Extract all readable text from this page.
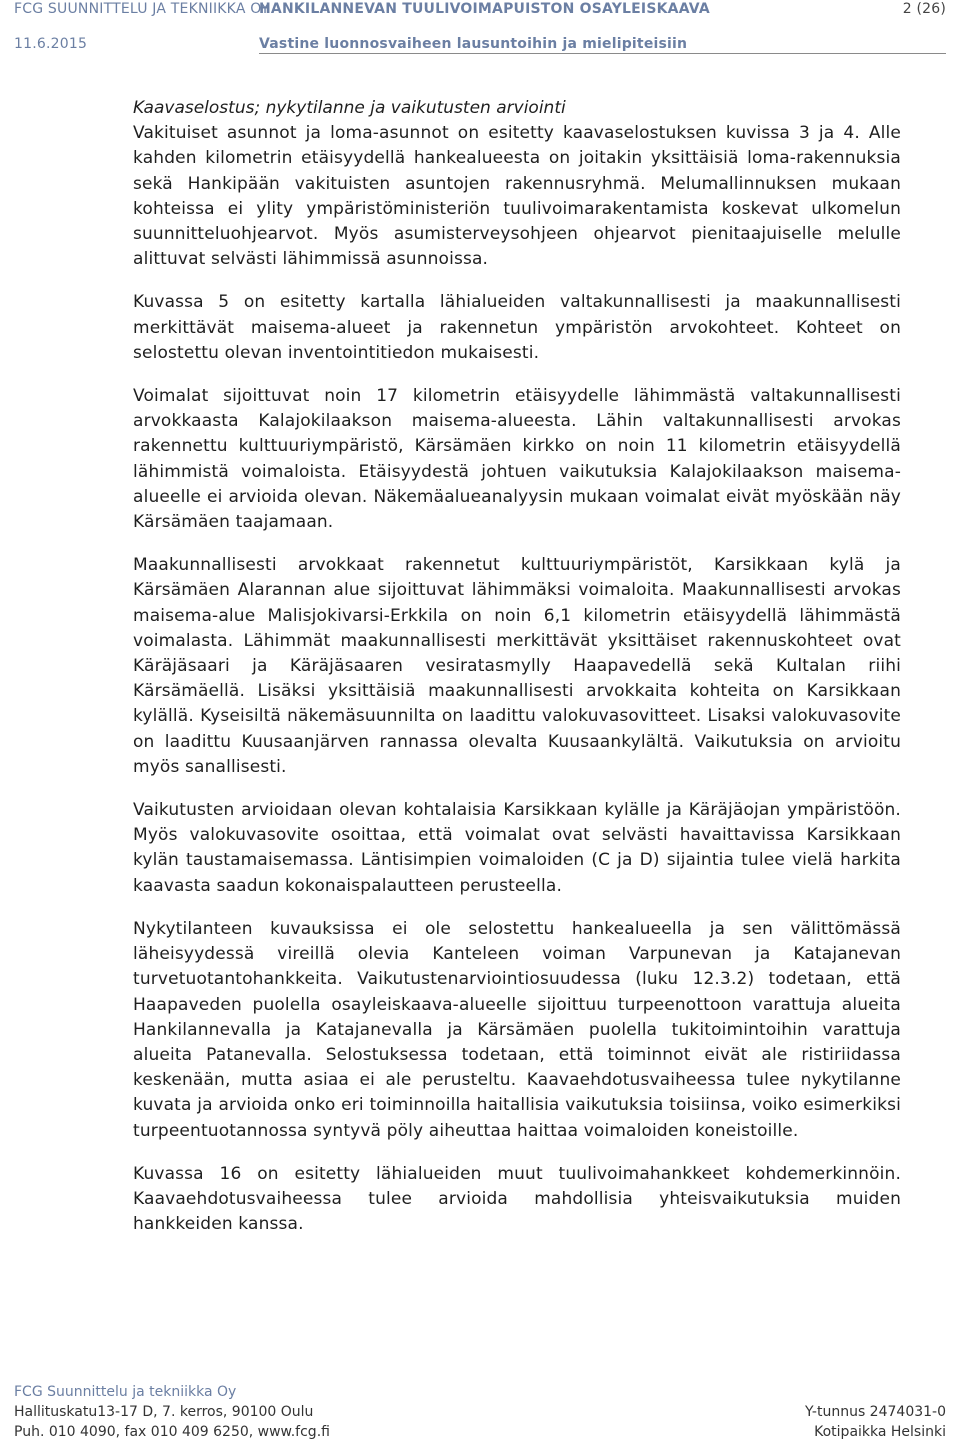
FCG SUUNNITTELU JA TEKNIIKKA OY
HANKILANNEVAN TUULIVOIMAPUISTON OSAYLEISKAAVA	2 (26)
11.6.2015	Vastine luonnosvaiheen lausuntoihin ja mielipiteisiin

Kaavaselostus; nykytilanne ja vaikutusten arviointi

Vakituiset asunnot ja loma-asunnot on esitetty kaavaselostuksen kuvissa 3 ja 4. Alle kahden kilometrin etäisyydellä hankealueesta on joitakin yksittäisiä loma-rakennuksia sekä Hankipään vakituisten asuntojen rakennusryhmä. Melumallinnuksen mukaan kohteissa ei ylity ympäristöministeriön tuulivoimarakentamista koskevat ulkomelun suunnitteluohjearvot. Myös asumisterveysohjeen ohjearvot pienitaajuiselle melulle alittuvat selvästi lähimmissä asunnoissa.

Kuvassa 5 on esitetty kartalla lähialueiden valtakunnallisesti ja maakunnallisesti merkittävät maisema-alueet ja rakennetun ympäristön arvokohteet. Kohteet on selostettu olevan inventointitiedon mukaisesti.

Voimalat sijoittuvat noin 17 kilometrin etäisyydelle lähimmästä valtakunnallisesti arvokkaasta Kalajokilaakson maisema-alueesta. Lähin valtakunnallisesti arvokas rakennettu kulttuuriympäristö, Kärsämäen kirkko on noin 11 kilometrin etäisyydellä lähimmistä voimaloista. Etäisyydestä johtuen vaikutuksia Kalajokilaakson maisema-alueelle ei arvioida olevan. Näkemäalueanalyysin mukaan voimalat eivät myöskään näy Kärsämäen taajamaan.

Maakunnallisesti arvokkaat rakennetut kulttuuriympäristöt, Karsikkaan kylä ja Kärsämäen Alarannan alue sijoittuvat lähimmäksi voimaloita. Maakunnallisesti arvokas maisema-alue Malisjokivarsi-Erkkila on noin 6,1 kilometrin etäisyydellä lähimmästä voimalasta. Lähimmät maakunnallisesti merkittävät yksittäiset rakennuskohteet ovat Käräjäsaari ja Käräjäsaaren vesiratasmylly Haapavedellä sekä Kultalan riihi Kärsämäellä. Lisäksi yksittäisiä maakunnallisesti arvokkaita kohteita on Karsikkaan kylällä. Kyseisiltä näkemäsuunnilta on laadittu valokuvasovitteet. Lisaksi valokuvasovite on laadittu Kuusaanjärven rannassa olevalta Kuusaankylältä. Vaikutuksia on arvioitu myös sanallisesti.

Vaikutusten arvioidaan olevan kohtalaisia Karsikkaan kylälle ja Käräjäojan ympäristöön. Myös valokuvasovite osoittaa, että voimalat ovat selvästi havaittavissa Karsikkaan kylän taustamaisemassa. Läntisimpien voimaloiden (C ja D) sijaintia tulee vielä harkita kaavasta saadun kokonaispalautteen perusteella.

Nykytilanteen kuvauksissa ei ole selostettu hankealueella ja sen välittömässä läheisyydessä vireillä olevia Kanteleen voiman Varpunevan ja Katajanevan turvetuotantohankkeita. Vaikutustenarviointiosuudessa (luku 12.3.2) todetaan, että Haapaveden puolella osayleiskaava-alueelle sijoittuu turpeenottoon varattuja alueita Hankilannevalla ja Katajanevalla ja Kärsämäen puolella tukitoimintoihin varattuja alueita Patanevalla. Selostuksessa todetaan, että toiminnot eivät ale ristiriidassa keskenään, mutta asiaa ei ale perusteltu. Kaavaehdotusvaiheessa tulee nykytilanne kuvata ja arvioida onko eri toiminnoilla haitallisia vaikutuksia toisiinsa, voiko esimerkiksi turpeentuotannossa syntyvä pöly aiheuttaa haittaa voimaloiden koneistoille.

Kuvassa 16 on esitetty lähialueiden muut tuulivoimahankkeet kohdemerkinnöin. Kaavaehdotusvaiheessa tulee arvioida mahdollisia yhteisvaikutuksia muiden hankkeiden kanssa.

FCG Suunnittelu ja tekniikka Oy
Hallituskatu13-17 D, 7. kerros, 90100 Oulu	Y-tunnus 2474031-0
Puh. 010 4090, fax 010 409 6250, www.fcg.fi	Kotipaikka Helsinki
